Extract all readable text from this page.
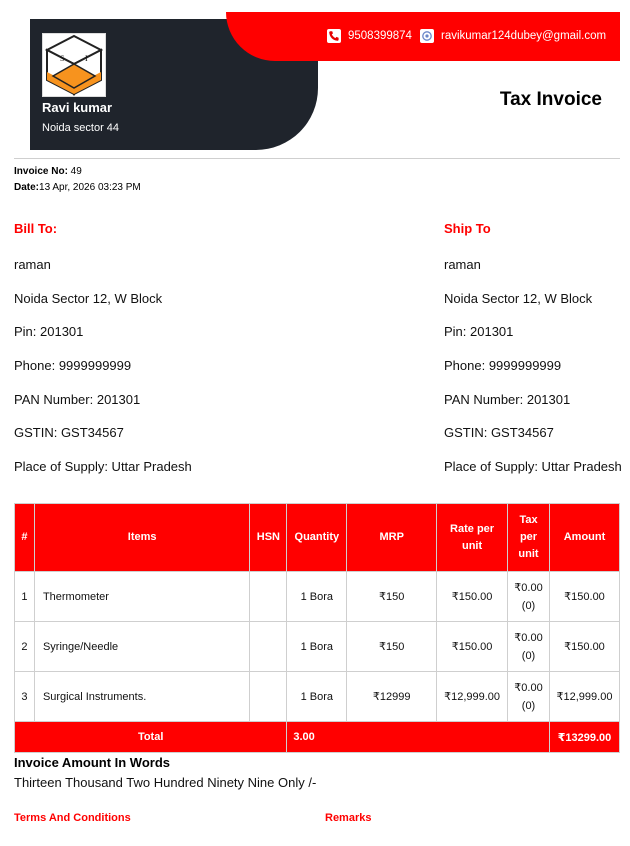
S	I
Ravi kumar
Noida sector 44
9508399874	ravikumar124dubey@gmail.com
Tax Invoice
Invoice No: 49
Date:13 Apr, 2026 03:23 PM
Bill To:
raman
Noida Sector 12, W Block
Pin: 201301
Phone: 9999999999
PAN Number: 201301
GSTIN: GST34567
Place of Supply: Uttar Pradesh
Ship To
raman
Noida Sector 12, W Block
Pin: 201301
Phone: 9999999999
PAN Number: 201301
GSTIN: GST34567
Place of Supply: Uttar Pradesh
#	Items	HSN	Quantity	MRP	Rate per unit	Tax per unit	Amount
1	Thermometer		1 Bora	₹150	₹150.00	₹0.00 (0)	₹150.00
2	Syringe/Needle		1 Bora	₹150	₹150.00	₹0.00 (0)	₹150.00
3	Surgical Instruments.		1 Bora	₹12999	₹12,999.00	₹0.00 (0)	₹12,999.00
Total			3.00				₹13299.00
Invoice Amount In Words
Thirteen Thousand Two Hundred Ninety Nine Only /-
Terms And Conditions	Remarks
